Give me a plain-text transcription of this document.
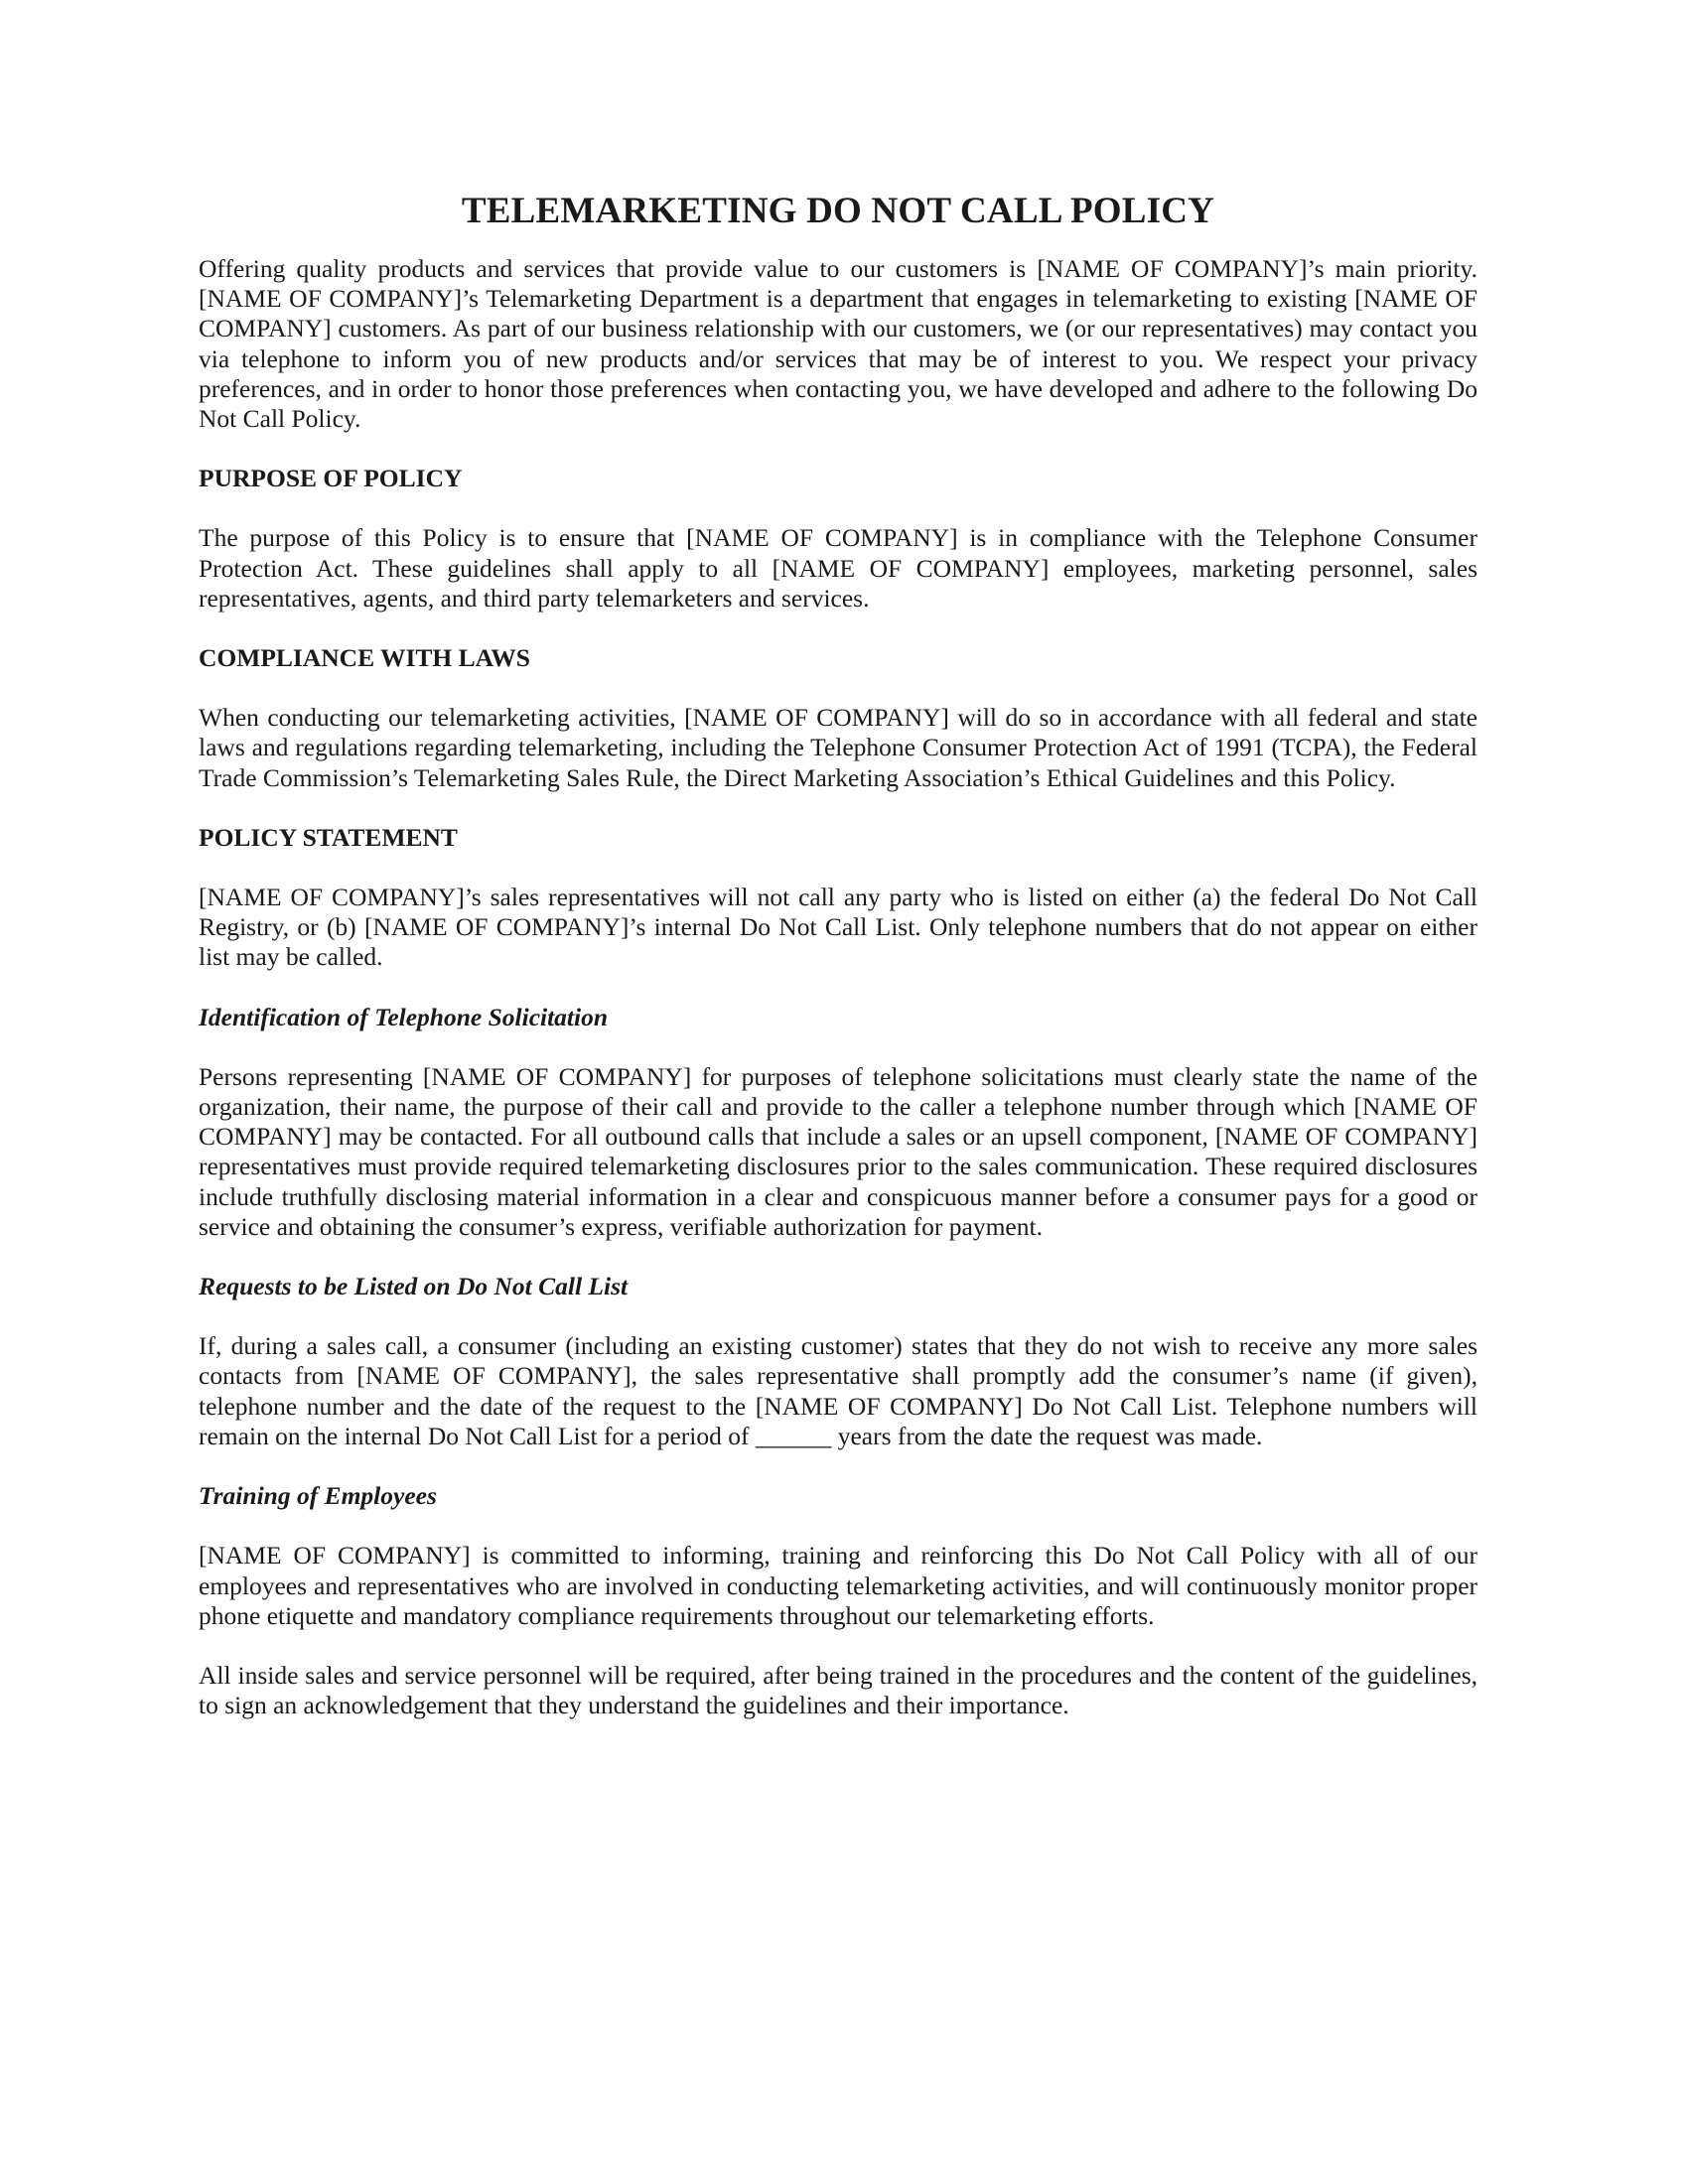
TELEMARKETING DO NOT CALL POLICY

Offering quality products and services that provide value to our customers is [NAME OF COMPANY]’s main priority. [NAME OF COMPANY]’s Telemarketing Department is a department that engages in telemarketing to existing [NAME OF COMPANY] customers. As part of our business relationship with our customers, we (or our representatives) may contact you via telephone to inform you of new products and/or services that may be of interest to you. We respect your privacy preferences, and in order to honor those preferences when contacting you, we have developed and adhere to the following Do Not Call Policy.

PURPOSE OF POLICY

The purpose of this Policy is to ensure that [NAME OF COMPANY] is in compliance with the Telephone Consumer Protection Act. These guidelines shall apply to all [NAME OF COMPANY] employees, marketing personnel, sales representatives, agents, and third party telemarketers and services.

COMPLIANCE WITH LAWS

When conducting our telemarketing activities, [NAME OF COMPANY] will do so in accordance with all federal and state laws and regulations regarding telemarketing, including the Telephone Consumer Protection Act of 1991 (TCPA), the Federal Trade Commission’s Telemarketing Sales Rule, the Direct Marketing Association’s Ethical Guidelines and this Policy.

POLICY STATEMENT

[NAME OF COMPANY]’s sales representatives will not call any party who is listed on either (a) the federal Do Not Call Registry, or (b) [NAME OF COMPANY]’s internal Do Not Call List. Only telephone numbers that do not appear on either list may be called.

Identification of Telephone Solicitation

Persons representing [NAME OF COMPANY] for purposes of telephone solicitations must clearly state the name of the organization, their name, the purpose of their call and provide to the caller a telephone number through which [NAME OF COMPANY] may be contacted. For all outbound calls that include a sales or an upsell component, [NAME OF COMPANY] representatives must provide required telemarketing disclosures prior to the sales communication. These required disclosures include truthfully disclosing material information in a clear and conspicuous manner before a consumer pays for a good or service and obtaining the consumer’s express, verifiable authorization for payment.

Requests to be Listed on Do Not Call List

If, during a sales call, a consumer (including an existing customer) states that they do not wish to receive any more sales contacts from [NAME OF COMPANY], the sales representative shall promptly add the consumer’s name (if given), telephone number and the date of the request to the [NAME OF COMPANY] Do Not Call List. Telephone numbers will remain on the internal Do Not Call List for a period of ______ years from the date the request was made.

Training of Employees

[NAME OF COMPANY] is committed to informing, training and reinforcing this Do Not Call Policy with all of our employees and representatives who are involved in conducting telemarketing activities, and will continuously monitor proper phone etiquette and mandatory compliance requirements throughout our telemarketing efforts.

All inside sales and service personnel will be required, after being trained in the procedures and the content of the guidelines, to sign an acknowledgement that they understand the guidelines and their importance.
